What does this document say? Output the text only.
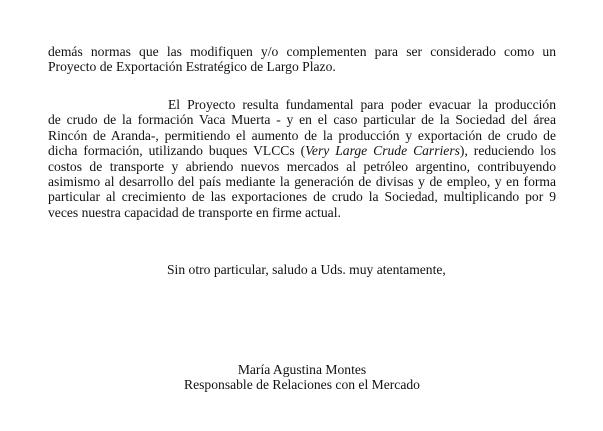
demás normas que las modifiquen y/o complementen para ser considerado como un
Proyecto de Exportación Estratégico de Largo Plazo.

El Proyecto resulta fundamental para poder evacuar la producción
de crudo de la formación Vaca Muerta - y en el caso particular de la Sociedad del área
Rincón de Aranda-, permitiendo el aumento de la producción y exportación de crudo de
dicha formación, utilizando buques VLCCs (Very Large Crude Carriers), reduciendo los
costos de transporte y abriendo nuevos mercados al petróleo argentino, contribuyendo
asimismo al desarrollo del país mediante la generación de divisas y de empleo, y en forma
particular al crecimiento de las exportaciones de crudo la Sociedad, multiplicando por 9
veces nuestra capacidad de transporte en firme actual.

Sin otro particular, saludo a Uds. muy atentamente,

María Agustina Montes
Responsable de Relaciones con el Mercado
